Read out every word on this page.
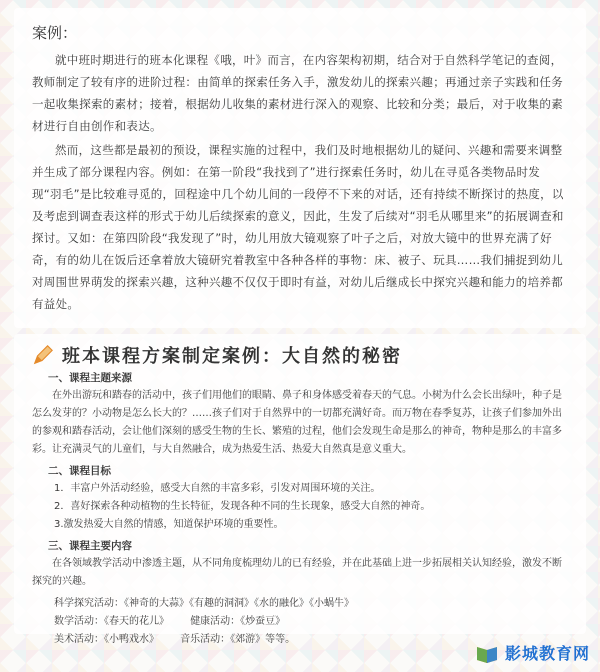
案例：

就中班时期进行的班本化课程《哦，叶》而言，在内容架构初期，结合对于自然科学笔记的查阅，教师制定了较有序的进阶过程：由简单的探索任务入手，激发幼儿的探索兴趣；再通过亲子实践和任务一起收集探索的素材；接着，根据幼儿收集的素材进行深入的观察、比较和分类；最后，对于收集的素材进行自由创作和表达。

然而，这些都是最初的预设，课程实施的过程中，我们及时地根据幼儿的疑问、兴趣和需要来调整并生成了部分课程内容。例如：在第一阶段“我找到了”进行探索任务时，幼儿在寻觅各类物品时发现“羽毛”是比较难寻觅的，回程途中几个幼儿间的一段停不下来的对话，还有持续不断探讨的热度，以及考虑到调查表这样的形式于幼儿后续探索的意义，因此，生发了后续对“羽毛从哪里来”的拓展调查和探讨。又如：在第四阶段“我发现了”时，幼儿用放大镜观察了叶子之后，对放大镜中的世界充满了好奇，有的幼儿在饭后还拿着放大镜研究着教室中各种各样的事物：床、被子、玩具……我们捕捉到幼儿对周围世界萌发的探索兴趣，这种兴趣不仅仅于即时有益，对幼儿后继成长中探究兴趣和能力的培养都有益处。

班本课程方案制定案例：大自然的秘密
一、课程主题来源

在外出游玩和踏春的活动中，孩子们用他们的眼睛、鼻子和身体感受着春天的气息。小树为什么会长出绿叶，种子是怎么发芽的？小动物是怎么长大的？……孩子们对于自然界中的一切都充满好奇。而万物在春季复苏，让孩子们参加外出的参观和踏春活动，会让他们深刻的感受生物的生长、繁殖的过程，他们会发现生命是那么的神奇，物种是那么的丰富多彩。让充满灵气的儿童们，与大自然融合，成为热爱生活、热爱大自然真是意义重大。

二、课程目标
1．丰富户外活动经验，感受大自然的丰富多彩，引发对周围环境的关注。
2．喜好探索各种动植物的生长特征，发现各种不同的生长现象，感受大自然的神奇。
3.激发热爱大自然的情感，知道保护环境的重要性。
三、课程主要内容

在各领域教学活动中渗透主题，从不同角度梳理幼儿的已有经验，并在此基础上进一步拓展相关认知经验，激发不断探究的兴趣。

科学探究活动：《神奇的大蒜》《有趣的洞洞》《水的融化》《小蜗牛》
数学活动：《春天的花儿》 健康活动：《炒蚕豆》
美术活动：《小鸭戏水》 音乐活动：《郊游》等等。
影城教育网
